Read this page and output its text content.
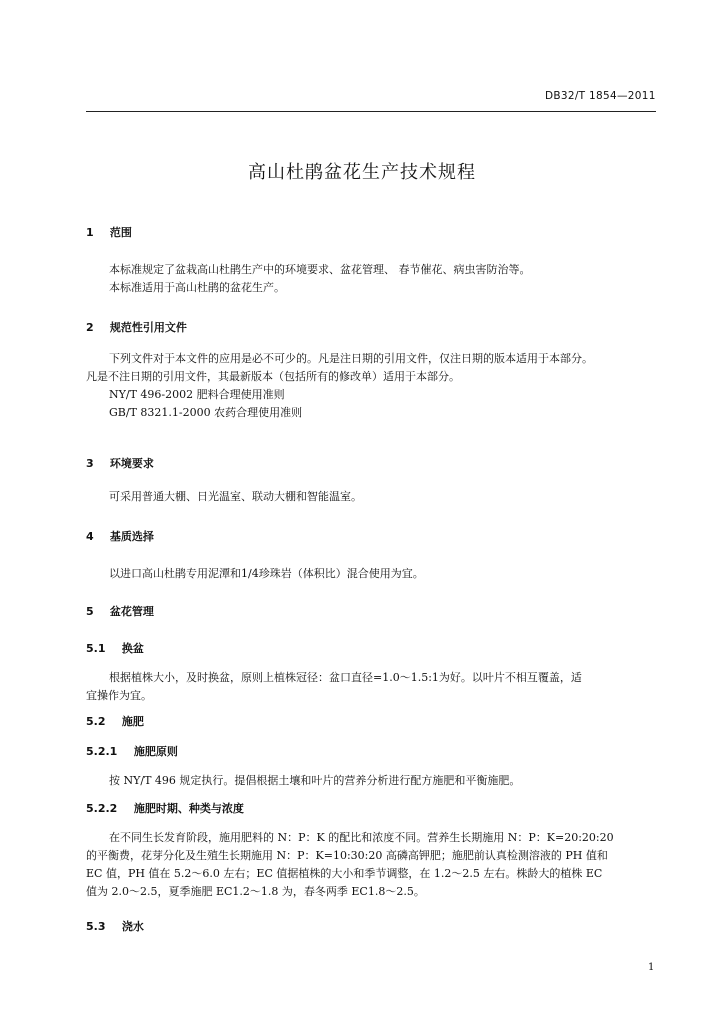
DB32/T 1854—2011
高山杜鹃盆花生产技术规程
1 范围
本标准规定了盆栽高山杜鹃生产中的环境要求、盆花管理、 春节催花、病虫害防治等。
本标准适用于高山杜鹃的盆花生产。
2 规范性引用文件
下列文件对于本文件的应用是必不可少的。凡是注日期的引用文件，仅注日期的版本适用于本部分。
凡是不注日期的引用文件，其最新版本（包括所有的修改单）适用于本部分。
NY/T 496-2002 肥料合理使用准则
GB/T 8321.1-2000 农药合理使用准则
3 环境要求
可采用普通大棚、日光温室、联动大棚和智能温室。
4 基质选择
以进口高山杜鹃专用泥潭和1/4珍珠岩（体积比）混合使用为宜。
5 盆花管理
5.1 换盆
根据植株大小，及时换盆，原则上植株冠径：盆口直径=1.0～1.5:1为好。以叶片不相互覆盖，适
宜操作为宜。
5.2 施肥
5.2.1 施肥原则
按 NY/T 496 规定执行。提倡根据土壤和叶片的营养分析进行配方施肥和平衡施肥。
5.2.2 施肥时期、种类与浓度
在不同生长发育阶段，施用肥料的 N：P：K 的配比和浓度不同。营养生长期施用 N：P：K=20:20:20
的平衡费，花芽分化及生殖生长期施用 N：P：K=10:30:20 高磷高钾肥；施肥前认真检测溶液的 PH 值和
EC 值，PH 值在 5.2～6.0 左右；EC 值据植株的大小和季节调整，在 1.2～2.5 左右。株龄大的植株 EC
值为 2.0～2.5，夏季施肥 EC1.2～1.8 为，春冬两季 EC1.8～2.5。
5.3 浇水
1
